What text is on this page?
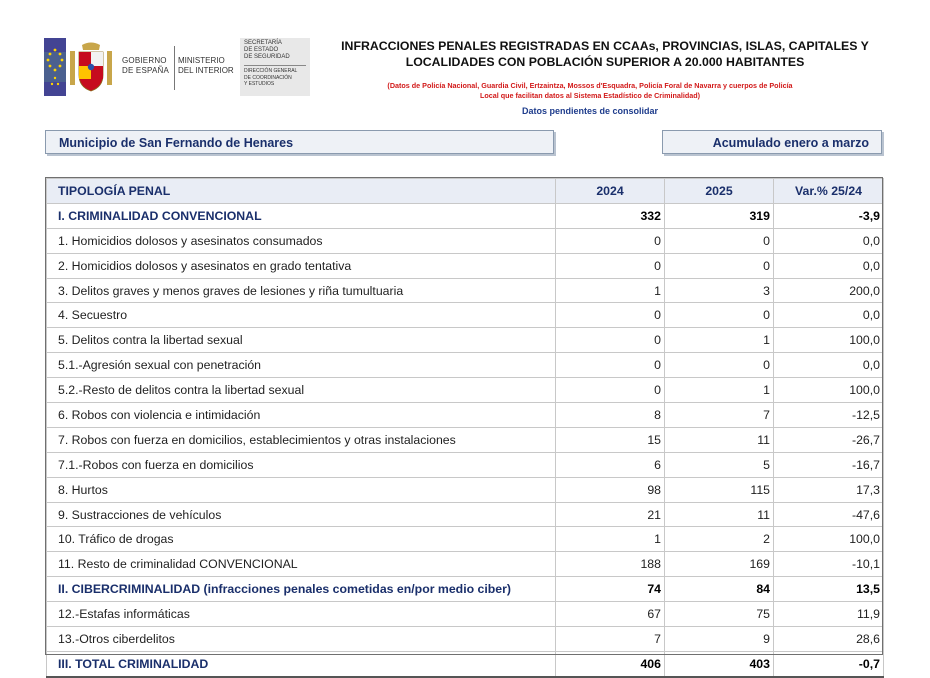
GOBIERNO
DE ESPAÑA
MINISTERIO
DEL INTERIOR
SECRETARÍA
DE ESTADO
DE SEGURIDAD
DIRECCIÓN GENERAL
DE COORDINACIÓN
Y ESTUDIOS
INFRACCIONES PENALES REGISTRADAS EN CCAAs, PROVINCIAS, ISLAS, CAPITALES Y
LOCALIDADES CON POBLACIÓN SUPERIOR A 20.000 HABITANTES
(Datos de Policía Nacional, Guardia Civil, Ertzaintza, Mossos d'Esquadra, Policía Foral de Navarra y cuerpos de Policía
Local que facilitan datos al Sistema Estadístico de Criminalidad)
Datos pendientes de consolidar
Municipio de San Fernando de Henares	Acumulado enero a marzo
TIPOLOGÍA PENAL	2024	2025	Var.% 25/24
I. CRIMINALIDAD CONVENCIONAL	332	319	-3,9
1. Homicidios dolosos y asesinatos consumados	0	0	0,0
2. Homicidios dolosos y asesinatos en grado tentativa	0	0	0,0
3. Delitos graves y menos graves de lesiones y riña tumultuaria	1	3	200,0
4. Secuestro	0	0	0,0
5. Delitos contra la libertad sexual	0	1	100,0
5.1.-Agresión sexual con penetración	0	0	0,0
5.2.-Resto de delitos contra la libertad sexual	0	1	100,0
6. Robos con violencia e intimidación	8	7	-12,5
7. Robos con fuerza en domicilios, establecimientos y otras instalaciones	15	11	-26,7
7.1.-Robos con fuerza en domicilios	6	5	-16,7
8. Hurtos	98	115	17,3
9. Sustracciones de vehículos	21	11	-47,6
10. Tráfico de drogas	1	2	100,0
11. Resto de criminalidad CONVENCIONAL	188	169	-10,1
II. CIBERCRIMINALIDAD (infracciones penales cometidas en/por medio ciber)	74	84	13,5
12.-Estafas informáticas	67	75	11,9
13.-Otros ciberdelitos	7	9	28,6
III. TOTAL CRIMINALIDAD	406	403	-0,7
